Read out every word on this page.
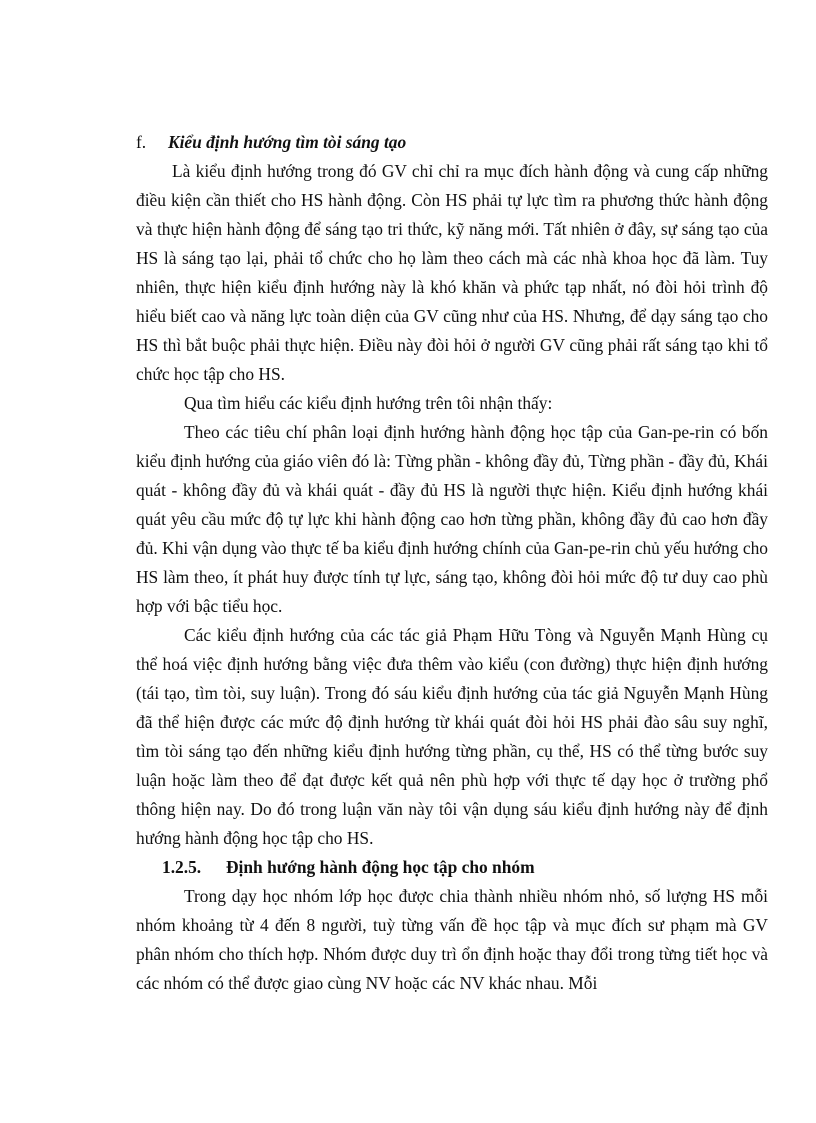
f. Kiểu định hướng tìm tòi sáng tạo

Là kiểu định hướng trong đó GV chỉ chỉ ra mục đích hành động và cung cấp những điều kiện cần thiết cho HS hành động. Còn HS phải tự lực tìm ra phương thức hành động và thực hiện hành động để sáng tạo tri thức, kỹ năng mới. Tất nhiên ở đây, sự sáng tạo của HS là sáng tạo lại, phải tổ chức cho họ làm theo cách mà các nhà khoa học đã làm. Tuy nhiên, thực hiện kiểu định hướng này là khó khăn và phức tạp nhất, nó đòi hỏi trình độ hiểu biết cao và năng lực toàn diện của GV cũng như của HS. Nhưng, để dạy sáng tạo cho HS thì bắt buộc phải thực hiện. Điều này đòi hỏi ở người GV cũng phải rất sáng tạo khi tổ chức học tập cho HS.

Qua tìm hiểu các kiểu định hướng trên tôi nhận thấy:

Theo các tiêu chí phân loại định hướng hành động học tập của Gan-pe-rin có bốn kiểu định hướng của giáo viên đó là: Từng phần - không đầy đủ, Từng phần - đầy đủ, Khái quát - không đầy đủ và khái quát - đầy đủ HS là người thực hiện. Kiểu định hướng khái quát yêu cầu mức độ tự lực khi hành động cao hơn từng phần, không đầy đủ cao hơn đầy đủ. Khi vận dụng vào thực tế ba kiểu định hướng chính của Gan-pe-rin chủ yếu hướng cho HS làm theo, ít phát huy được tính tự lực, sáng tạo, không đòi hỏi mức độ tư duy cao phù hợp với bậc tiểu học.

Các kiểu định hướng của các tác giả Phạm Hữu Tòng và Nguyễn Mạnh Hùng cụ thể hoá việc định hướng bằng việc đưa thêm vào kiểu (con đường) thực hiện định hướng (tái tạo, tìm tòi, suy luận). Trong đó sáu kiểu định hướng của tác giả Nguyễn Mạnh Hùng đã thể hiện được các mức độ định hướng từ khái quát đòi hỏi HS phải đào sâu suy nghĩ, tìm tòi sáng tạo đến những kiểu định hướng từng phần, cụ thể, HS có thể từng bước suy luận hoặc làm theo để đạt được kết quả nên phù hợp với thực tế dạy học ở trường phổ thông hiện nay. Do đó trong luận văn này tôi vận dụng sáu kiểu định hướng này để định hướng hành động học tập cho HS.

1.2.5. Định hướng hành động học tập cho nhóm

Trong dạy học nhóm lớp học được chia thành nhiều nhóm nhỏ, số lượng HS mỗi nhóm khoảng từ 4 đến 8 người, tuỳ từng vấn đề học tập và mục đích sư phạm mà GV phân nhóm cho thích hợp. Nhóm được duy trì ổn định hoặc thay đổi trong từng tiết học và các nhóm có thể được giao cùng NV hoặc các NV khác nhau. Mỗi
